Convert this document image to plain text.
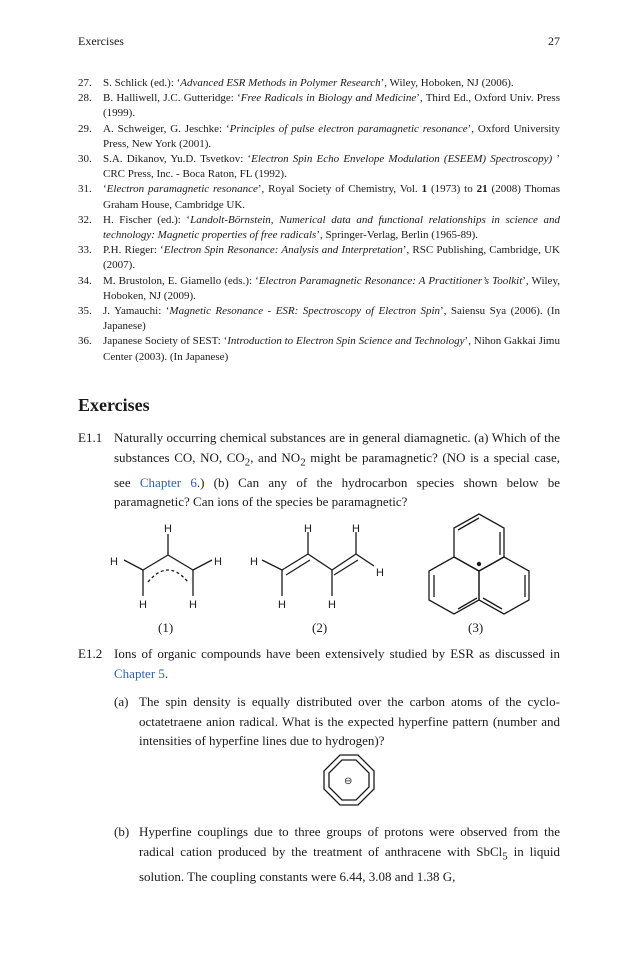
Exercises	27

27. S. Schlick (ed.): ‘Advanced ESR Methods in Polymer Research’, Wiley, Hoboken, NJ (2006).

28. B. Halliwell, J.C. Gutteridge: ‘Free Radicals in Biology and Medicine’, Third Ed., Oxford Univ. Press (1999).

29. A. Schweiger, G. Jeschke: ‘Principles of pulse electron paramagnetic resonance’, Oxford University Press, New York (2001).

30. S.A. Dikanov, Yu.D. Tsvetkov: ‘Electron Spin Echo Envelope Modulation (ESEEM) Spectroscopy) ’ CRC Press, Inc. - Boca Raton, FL (1992).

31. ‘Electron paramagnetic resonance’, Royal Society of Chemistry, Vol. 1 (1973) to 21 (2008) Thomas Graham House, Cambridge UK.

32. H. Fischer (ed.): ‘Landolt-Börnstein, Numerical data and functional relationships in science and technology: Magnetic properties of free radicals’, Springer-Verlag, Berlin (1965-89).

33. P.H. Rieger: ‘Electron Spin Resonance: Analysis and Interpretation’, RSC Publishing, Cambridge, UK (2007).

34. M. Brustolon, E. Giamello (eds.): ‘Electron Paramagnetic Resonance: A Practitioner’s Toolkit’, Wiley, Hoboken, NJ (2009).

35. J. Yamauchi: ‘Magnetic Resonance - ESR: Spectroscopy of Electron Spin’, Saiensu Sya (2006). (In Japanese)

36. Japanese Society of SEST: ‘Introduction to Electron Spin Science and Technology’, Nihon Gakkai Jimu Center (2003). (In Japanese)

Exercises
E1.1 Naturally occurring chemical substances are in general diamagnetic. (a) Which of the substances CO, NO, $CO_2$, and $NO_2$ might be paramagnetic? (NO is a special case, see Chapter 6.) (b) Can any of the hydrocarbon species shown below be paramagnetic? Can ions of the species be paramagnetic?
H
H	H
H	H
H	H
H
H
H	H
(1)	(2)	(3)
E1.2 Ions of organic compounds have been extensively studied by ESR as discussed in Chapter 5.
(a) The spin density is equally distributed over the carbon atoms of the cyclo-octatetraene anion radical. What is the expected hyperfine pattern (number and intensities of hyperfine lines due to hydrogen)?
⊖
(b) Hyperfine couplings due to three groups of protons were observed from the radical cation produced by the treatment of anthracene with SbCl$_5$ in liquid solution. The coupling constants were 6.44, 3.08 and 1.38 G,
